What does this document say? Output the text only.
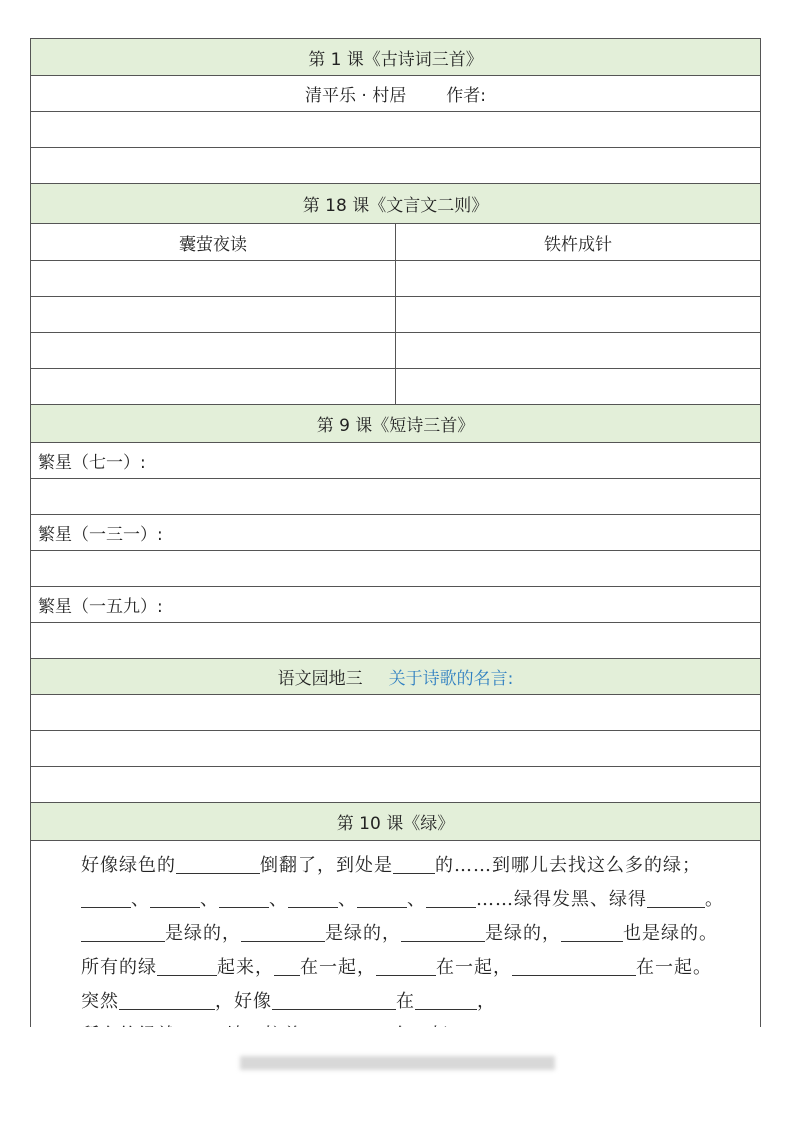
第 1 课《古诗词三首》
清平乐 · 村居 作者:
第 18 课《文言文二则》
囊萤夜读	铁杵成针
第 9 课《短诗三首》
繁星（七一）:
繁星（一三一）:
繁星（一五九）:
语文园地三 关于诗歌的名言:
第 10 课《绿》

好像绿色的	倒翻了，到处是 的……到哪儿去找这么多的绿；

、	、	、	、	、	……绿得发黑、绿得	。

是绿的，	是绿的，	是绿的，	也是绿的。

所有的绿	起来， 在一起，	在一起，	在一起。

突然	，好像	在	，
